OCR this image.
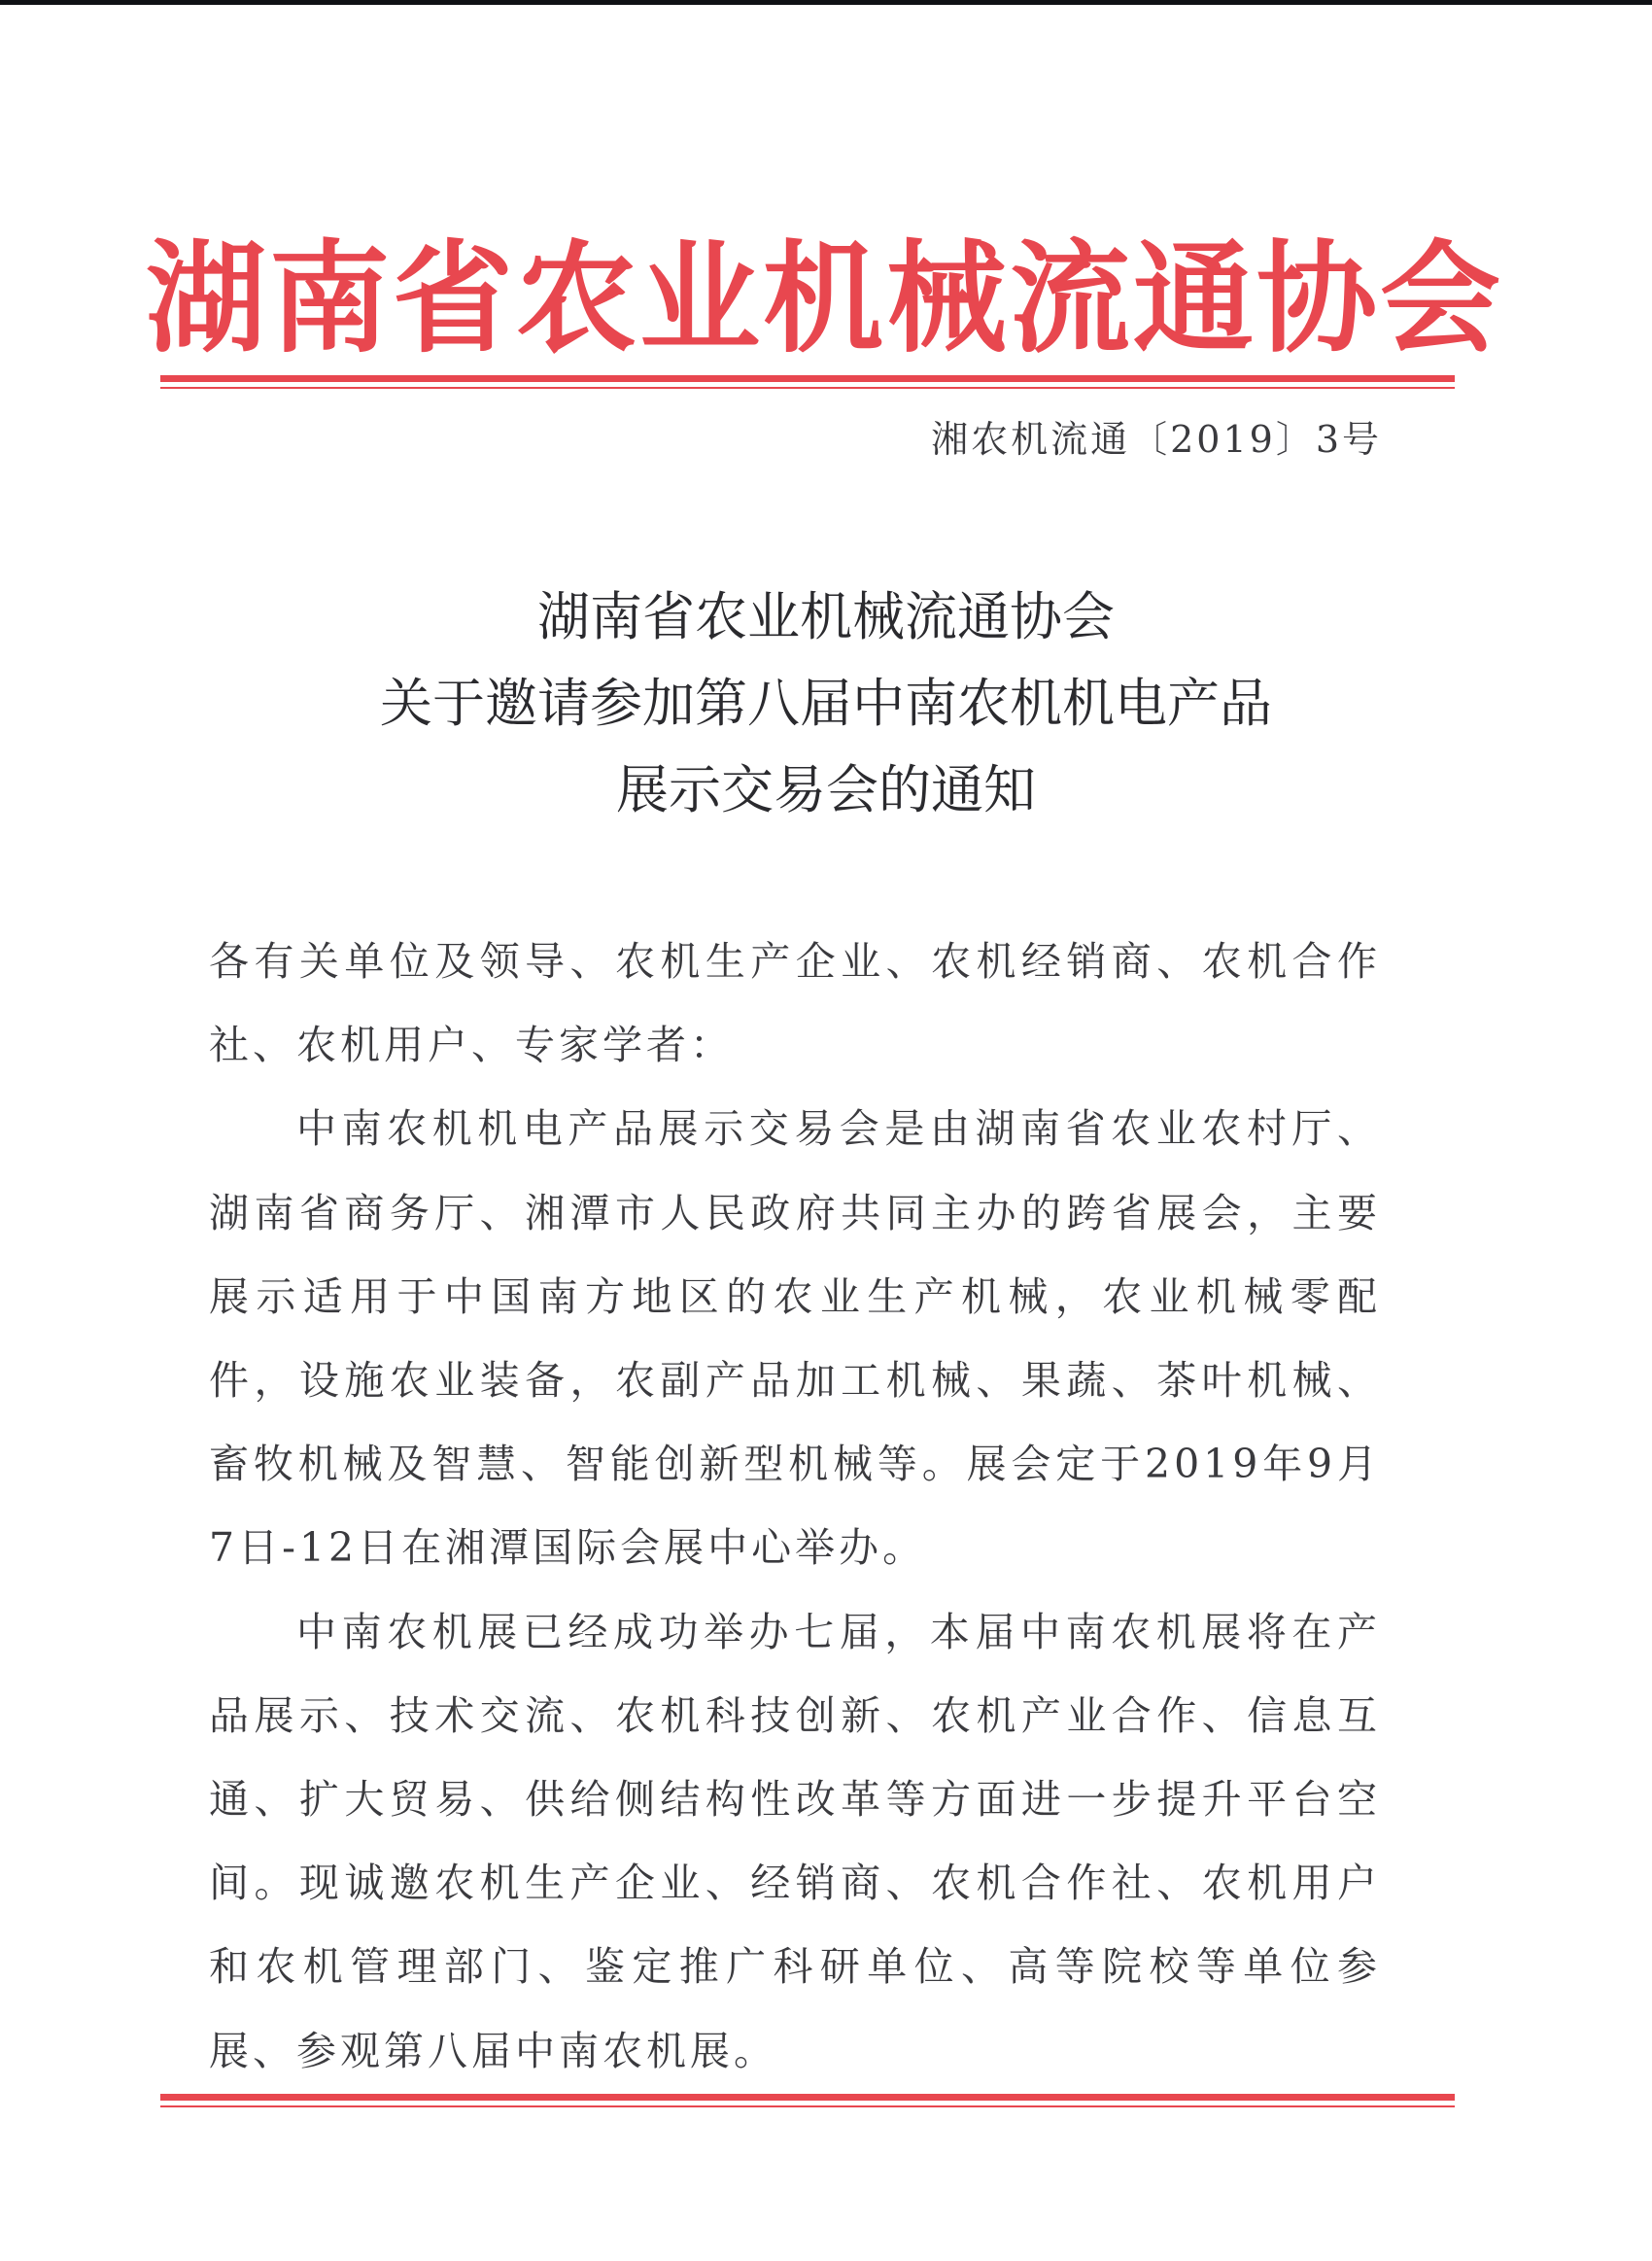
湖南省农业机械流通协会
湘农机流通〔2019〕3号
湖南省农业机械流通协会
关于邀请参加第八届中南农机机电产品
展示交易会的通知

各有关单位及领导、农机生产企业、农机经销商、农机合作社、农机用户、专家学者：

中南农机机电产品展示交易会是由湖南省农业农村厅、湖南省商务厅、湘潭市人民政府共同主办的跨省展会，主要展示适用于中国南方地区的农业生产机械，农业机械零配件，设施农业装备，农副产品加工机械、果蔬、茶叶机械、畜牧机械及智慧、智能创新型机械等。展会定于2019年9月7日-12日在湘潭国际会展中心举办。

中南农机展已经成功举办七届，本届中南农机展将在产品展示、技术交流、农机科技创新、农机产业合作、信息互通、扩大贸易、供给侧结构性改革等方面进一步提升平台空间。现诚邀农机生产企业、经销商、农机合作社、农机用户和农机管理部门、鉴定推广科研单位、高等院校等单位参展、参观第八届中南农机展。
